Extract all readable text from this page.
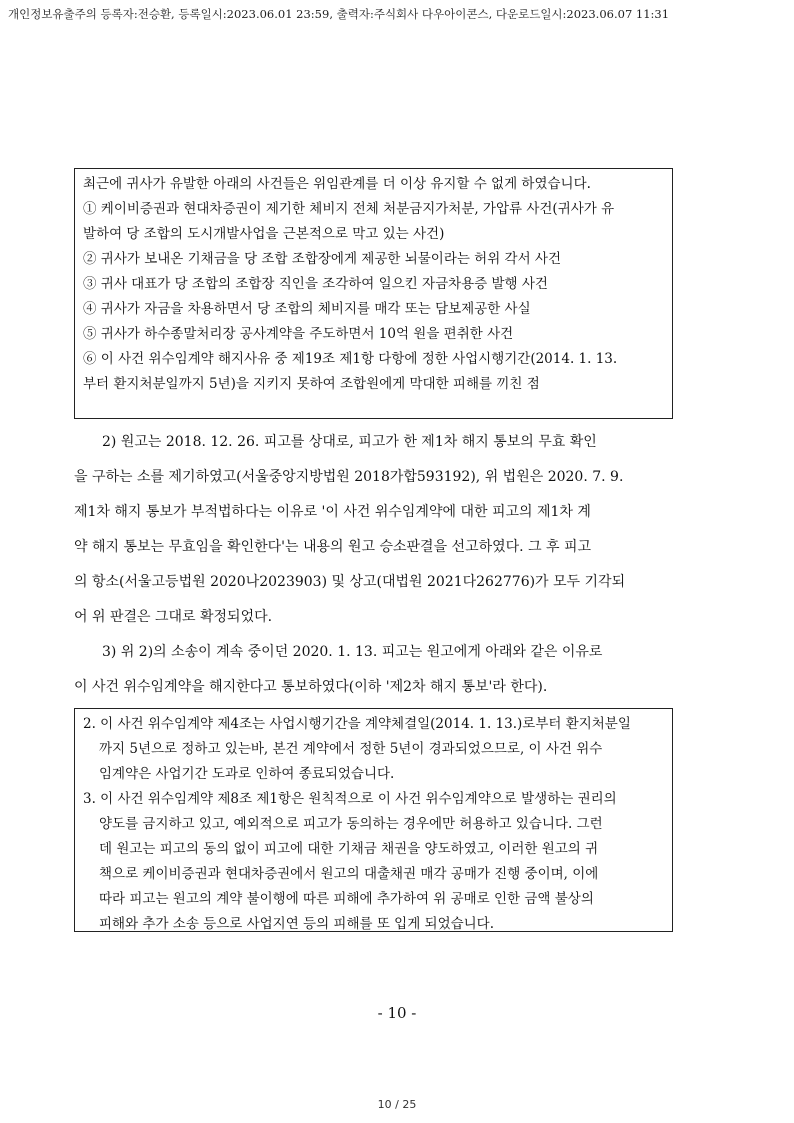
개인정보유출주의 등록자:전승환, 등록일시:2023.06.01 23:59, 출력자:주식회사 다우아이콘스, 다운로드일시:2023.06.07 11:31

최근에 귀사가 유발한 아래의 사건들은 위임관계를 더 이상 유지할 수 없게 하였습니다.

① 케이비증권과 현대차증권이 제기한 체비지 전체 처분금지가처분, 가압류 사건(귀사가 유

발하여 당 조합의 도시개발사업을 근본적으로 막고 있는 사건)

② 귀사가 보내온 기채금을 당 조합 조합장에게 제공한 뇌물이라는 허위 각서 사건

③ 귀사 대표가 당 조합의 조합장 직인을 조각하여 일으킨 자금차용증 발행 사건

④ 귀사가 자금을 차용하면서 당 조합의 체비지를 매각 또는 담보제공한 사실

⑤ 귀사가 하수종말처리장 공사계약을 주도하면서 10억 원을 편취한 사건

⑥ 이 사건 위수임계약 해지사유 중 제19조 제1항 다항에 정한 사업시행기간(2014. 1. 13.

부터 환지처분일까지 5년)을 지키지 못하여 조합원에게 막대한 피해를 끼친 점

2) 원고는 2018. 12. 26. 피고를 상대로, 피고가 한 제1차 해지 통보의 무효 확인
을 구하는 소를 제기하였고(서울중앙지방법원 2018가합593192), 위 법원은 2020. 7. 9.
제1차 해지 통보가 부적법하다는 이유로 '이 사건 위수임계약에 대한 피고의 제1차 계
약 해지 통보는 무효임을 확인한다'는 내용의 원고 승소판결을 선고하였다. 그 후 피고
의 항소(서울고등법원 2020나2023903) 및 상고(대법원 2021다262776)가 모두 기각되
어 위 판결은 그대로 확정되었다.
3) 위 2)의 소송이 계속 중이던 2020. 1. 13. 피고는 원고에게 아래와 같은 이유로
이 사건 위수임계약을 해지한다고 통보하였다(이하 '제2차 해지 통보'라 한다).

2. 이 사건 위수임계약 제4조는 사업시행기간을 계약체결일(2014. 1. 13.)로부터 환지처분일

까지 5년으로 정하고 있는바, 본건 계약에서 정한 5년이 경과되었으므로, 이 사건 위수

임계약은 사업기간 도과로 인하여 종료되었습니다.

3. 이 사건 위수임계약 제8조 제1항은 원칙적으로 이 사건 위수임계약으로 발생하는 권리의

양도를 금지하고 있고, 예외적으로 피고가 동의하는 경우에만 허용하고 있습니다. 그런

데 원고는 피고의 동의 없이 피고에 대한 기채금 채권을 양도하였고, 이러한 원고의 귀

책으로 케이비증권과 현대차증권에서 원고의 대출채권 매각 공매가 진행 중이며, 이에

따라 피고는 원고의 계약 불이행에 따른 피해에 추가하여 위 공매로 인한 금액 불상의

피해와 추가 소송 등으로 사업지연 등의 피해를 또 입게 되었습니다.

- 10 -
10 / 25
